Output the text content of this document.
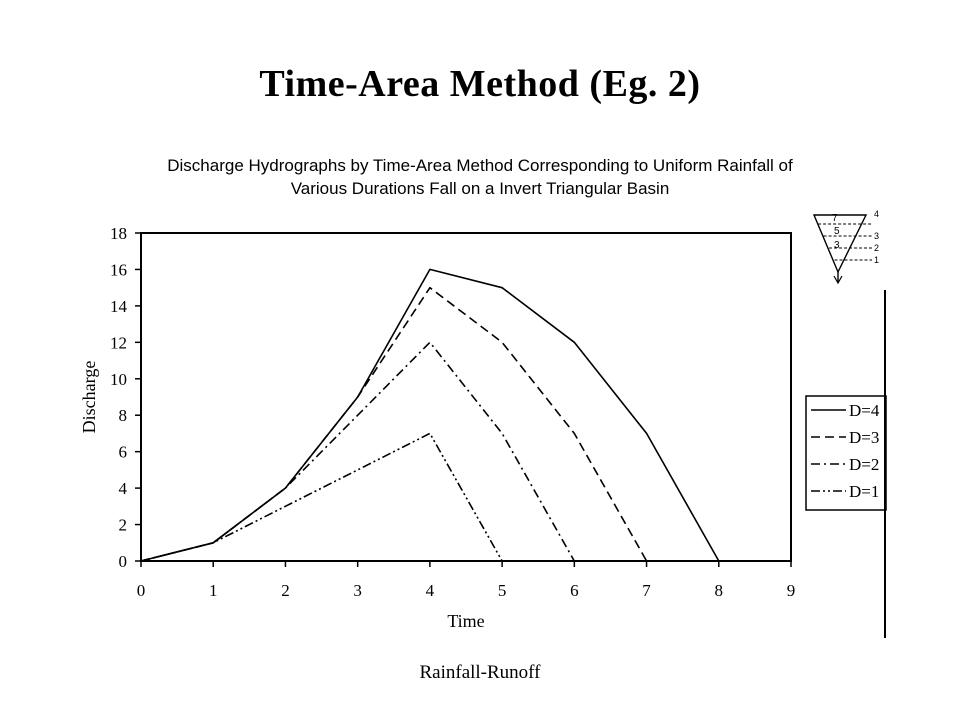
Time-Area Method (Eg. 2)
Discharge Hydrographs by Time-Area Method Corresponding to Uniform Rainfall of
Various Durations Fall on a Invert Triangular Basin
0
2
4
6
8
10
12
14
16
18
0	1	2	3	4	5	6	7	8	9
Time
Discharge	D=4
D=3
D=2
D=1
4
3
2
1
7
5
3
Rainfall-Runoff
